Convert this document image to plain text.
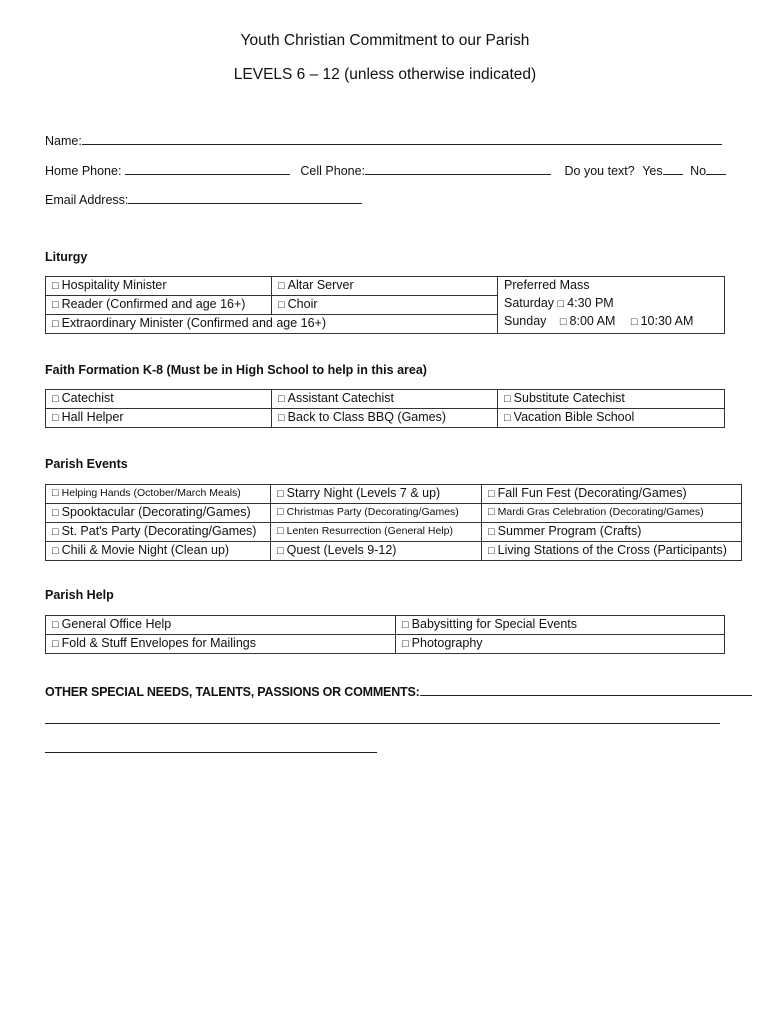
Youth Christian Commitment to our Parish
LEVELS 6 – 12 (unless otherwise indicated)
Name:
Home Phone:	Cell Phone:	Do you text? Yes No
Email Address:
Liturgy
□ Hospitality Minister	□ Altar Server	Preferred Mass
Saturday □ 4:30 PM
Sunday □ 8:00 AM □ 10:30 AM

□ Reader (Confirmed and age 16+)	□ Choir	
□ Extraordinary Minister (Confirmed and age 16+)		
Faith Formation K-8 (Must be in High School to help in this area)
□ Catechist	□ Assistant Catechist	□ Substitute Catechist
□ Hall Helper	□ Back to Class BBQ (Games)	□ Vacation Bible School
Parish Events
□ Helping Hands (October/March Meals)	□ Starry Night (Levels 7 & up)	□ Fall Fun Fest (Decorating/Games)
□ Spooktacular (Decorating/Games)	□ Christmas Party (Decorating/Games)	□ Mardi Gras Celebration (Decorating/Games)
□ St. Pat's Party (Decorating/Games)	□ Lenten Resurrection (General Help)	□ Summer Program (Crafts)
□ Chili & Movie Night (Clean up)	□ Quest (Levels 9-12)	□ Living Stations of the Cross (Participants)
Parish Help
□ General Office Help	□ Babysitting for Special Events
□ Fold & Stuff Envelopes for Mailings	□ Photography
OTHER SPECIAL NEEDS, TALENTS, PASSIONS OR COMMENTS:
